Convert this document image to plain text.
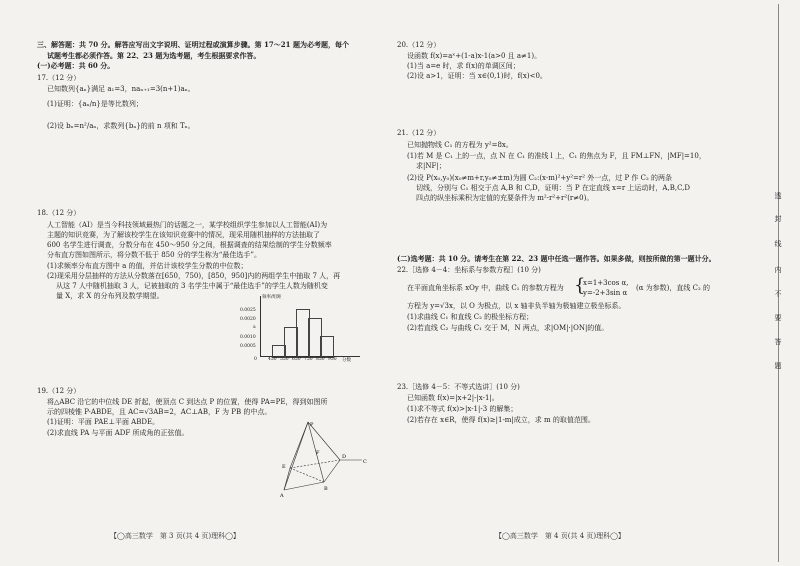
三、解答题：共 70 分。解答应写出文字说明、证明过程或演算步骤。第 17～21 题为必考题，每个
试题考生都必须作答。第 22、23 题为选考题，考生根据要求作答。
(一)必考题：共 60 分。
17.（12 分）
已知数列{aₙ}满足 a₁=3，naₙ₊₁=3(n+1)aₙ。
(1)证明：{aₙ/n}是等比数列；
(2)设 bₙ=n²/aₙ，求数列{bₙ}的前 n 项和 Tₙ。
18.（12 分）
人工智能（AI）是当今科技领域最热门的话题之一，某学校组织学生参加以人工智能(AI)为
主题的知识竞赛，为了解该校学生在该知识竞赛中的情况，现采用随机抽样的方法抽取了
600 名学生进行调查，分数分布在 450～950 分之间，根据调查的结果绘制的学生分数频率
分布直方图如图所示，将分数不低于 850 分的学生称为“最佳选手”。
(1)求频率分布直方图中 a 的值，并估计该校学生分数的中位数；
(2)现采用分层抽样的方法从分数落在[650，750)，[850，950]内的两组学生中抽取 7 人，再
从这 7 人中随机抽取 3 人，记被抽取的 3 名学生中属于“最佳选手”的学生人数为随机变
量 X，求 X 的分布列及数学期望。	频率/组距
0.0025
0.0020
a
0.0010
0.0005
0 450 550 650 750 850 950 分数
19.（12 分）
将△ABC 沿它的中位线 DE 折起，使顶点 C 到达点 P 的位置，使得 PA=PE，得到如图所
示的四棱锥 P-ABDE，且 AC=√3AB=2，AC⊥AB，F 为 PB 的中点。
(1)证明：平面 PAE⊥平面 ABDE。
(2)求直线 PA 与平面 ADF 所成角的正弦值。
P
E
F
A
B
D
C
【◯高三数学　第 3 页(共 4 页)理科◯】
20.（12 分）
设函数 f(x)=aˣ+(1-a)x-1(a>0 且 a≠1)。
(1)当 a=e 时，求 f(x)的单调区间；
(2)设 a>1，证明：当 x∈(0,1)时，f(x)<0。
21.（12 分）
已知抛物线 C₁ 的方程为 y²=8x。
(1)若 M 是 C₁ 上的一点，点 N 在 C₁ 的准线 l 上，C₁ 的焦点为 F，且 FM⊥FN，|MF|=10，
求|NF|；
(2)设 P(x₀,y₀)(x₀≠m+r,y₀≠±m)为圆 C₂:(x-m)²+y²=r² 外一点，过 P 作 C₂ 的两条
切线，分别与 C₁ 相交于点 A,B 和 C,D，证明：当 P 在定直线 x=r 上运动时，A,B,C,D
四点的纵坐标乘积为定值的充要条件为 m²-r²+r²(r≠0)。
(二)选考题：共 10 分。请考生在第 22、23 题中任选一题作答。如果多做，则按所做的第一题计分。
22.［选修 4－4：坐标系与参数方程］(10 分)
在平面直角坐标系 xOy 中，曲线 C₁ 的参数方程为 {
x=1+3cos α,
y=-2+3sin α
(α 为参数)，直线 C₂ 的
方程为 y=√3x，以 O 为极点，以 x 轴非负半轴为极轴建立极坐标系。
(1)求曲线 C₁ 和直线 C₂ 的极坐标方程；
(2)若直线 C₂ 与曲线 C₁ 交于 M，N 两点，求|OM|·|ON|的值。
23.［选修 4－5：不等式选讲］(10 分)
已知函数 f(x)=|x+2|-|x-1|。
(1)求不等式 f(x)>|x-1|-3 的解集；
(2)若存在 x∈R，使得 f(x)≥|1-m|成立，求 m 的取值范围。
【◯高三数学　第 4 页(共 4 页)理科◯】
透
封
线
内
不
要
答
题
